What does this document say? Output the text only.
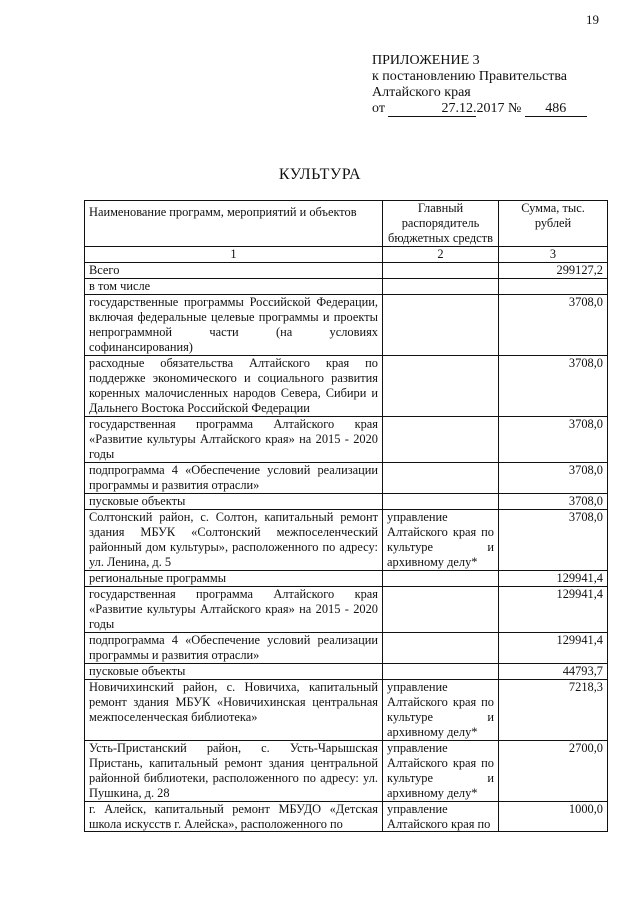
19
ПРИЛОЖЕНИЕ 3
к постановлению Правительства
Алтайского края
от	27.12.2017 № 486
КУЛЬТУРА
Наименование программ, мероприятий и объектов	Главный распорядитель бюджетных средств	Сумма, тыс. рублей
1	2	3
Всего		299127,2
в том числе		
государственные программы Российской Федерации, включая федеральные целевые программы и проекты непрограммной части (на условиях софинансирования)		3708,0
расходные обязательства Алтайского края по поддержке экономического и социального развития коренных малочисленных народов Севера, Сибири и Дальнего Востока Российской Федерации		3708,0
государственная программа Алтайского края «Развитие культуры Алтайского края» на 2015 - 2020 годы		3708,0
подпрограмма 4 «Обеспечение условий реализации программы и развития отрасли»		3708,0
пусковые объекты		3708,0
Солтонский район, с. Солтон, капитальный ремонт здания МБУК «Солтонский межпоселенческий районный дом культуры», расположенного по адресу: ул. Ленина, д. 5	управление Алтайского края по культуре и архивному делу*	3708,0
региональные программы		129941,4
государственная программа Алтайского края «Развитие культуры Алтайского края» на 2015 - 2020 годы		129941,4
подпрограмма 4 «Обеспечение условий реализации программы и развития отрасли»		129941,4
пусковые объекты		44793,7
Новичихинский район, с. Новичиха, капитальный ремонт здания МБУК «Новичихинская центральная межпоселенческая библиотека»	управление Алтайского края по культуре и архивному делу*	7218,3
Усть-Пристанский район, с. Усть-Чарышская Пристань, капитальный ремонт здания центральной районной библиотеки, расположенного по адресу: ул. Пушкина, д. 28	управление Алтайского края по культуре и архивному делу*	2700,0

г. Алейск, капитальный ремонт МБУДО «Детская школа искусств г. Алейска», расположенного по	управление Алтайского края по	1000,0
